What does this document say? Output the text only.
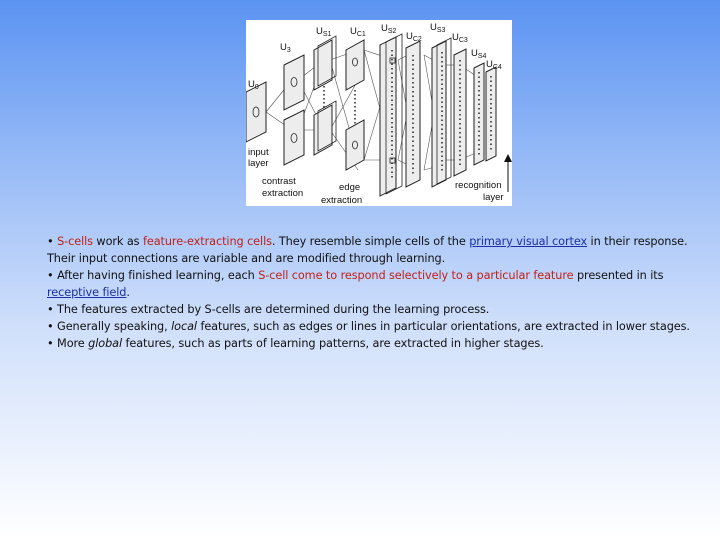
$U_0$
$U_3$
$U_{S1}$ $U_{C1}$
$U_{S2}$ $U_{C2}$
$U_{S3}$
$U_{C3}$
$U_{S4}$
$U_{C4}$
input
layer
contrast
extraction
edge
extraction
recognition
layer

• S-cells work as feature-extracting cells. They resemble simple cells of the primary visual cortex in their response. Their input connections are variable and are modified through learning.

• After having finished learning, each S-cell come to respond selectively to a particular feature presented in its receptive field.

• The features extracted by S-cells are determined during the learning process.

• Generally speaking, local features, such as edges or lines in particular orientations, are extracted in lower stages.

• More global features, such as parts of learning patterns, are extracted in higher stages.
